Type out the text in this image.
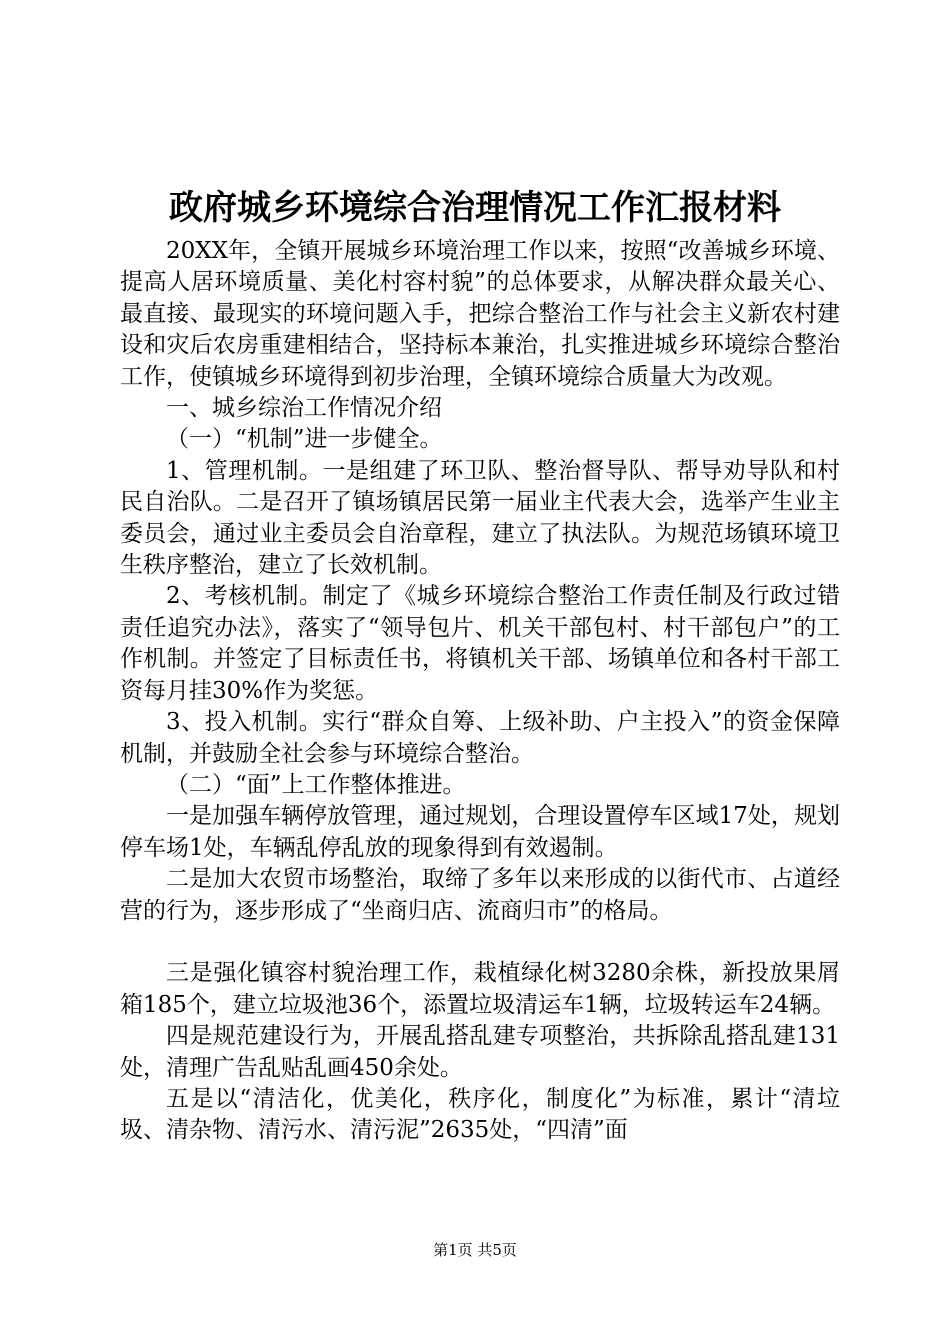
政府城乡环境综合治理情况工作汇报材料

20XX年，全镇开展城乡环境治理工作以来，按照“改善城乡环境、提高人居环境质量、美化村容村貌”的总体要求，从解决群众最关心、最直接、最现实的环境问题入手，把综合整治工作与社会主义新农村建设和灾后农房重建相结合，坚持标本兼治，扎实推进城乡环境综合整治工作，使镇城乡环境得到初步治理，全镇环境综合质量大为改观。

一、城乡综治工作情况介绍

（一）“机制”进一步健全。

1、管理机制。一是组建了环卫队、整治督导队、帮导劝导队和村民自治队。二是召开了镇场镇居民第一届业主代表大会，选举产生业主委员会，通过业主委员会自治章程，建立了执法队。为规范场镇环境卫生秩序整治，建立了长效机制。

2、考核机制。制定了《城乡环境综合整治工作责任制及行政过错责任追究办法》，落实了“领导包片、机关干部包村、村干部包户”的工作机制。并签定了目标责任书，将镇机关干部、场镇单位和各村干部工资每月挂30%作为奖惩。

3、投入机制。实行“群众自筹、上级补助、户主投入”的资金保障机制，并鼓励全社会参与环境综合整治。

（二）“面”上工作整体推进。

一是加强车辆停放管理，通过规划，合理设置停车区域17处，规划停车场1处，车辆乱停乱放的现象得到有效遏制。

二是加大农贸市场整治，取缔了多年以来形成的以街代市、占道经营的行为，逐步形成了“坐商归店、流商归市”的格局。

三是强化镇容村貌治理工作，栽植绿化树3280余株，新投放果屑箱185个，建立垃圾池36个，添置垃圾清运车1辆，垃圾转运车24辆。

四是规范建设行为，开展乱搭乱建专项整治，共拆除乱搭乱建131处，清理广告乱贴乱画450余处。

五是以“清洁化，优美化，秩序化，制度化”为标准，累计“清垃圾、清杂物、清污水、清污泥”2635处，“四清”面

第1页 共5页
